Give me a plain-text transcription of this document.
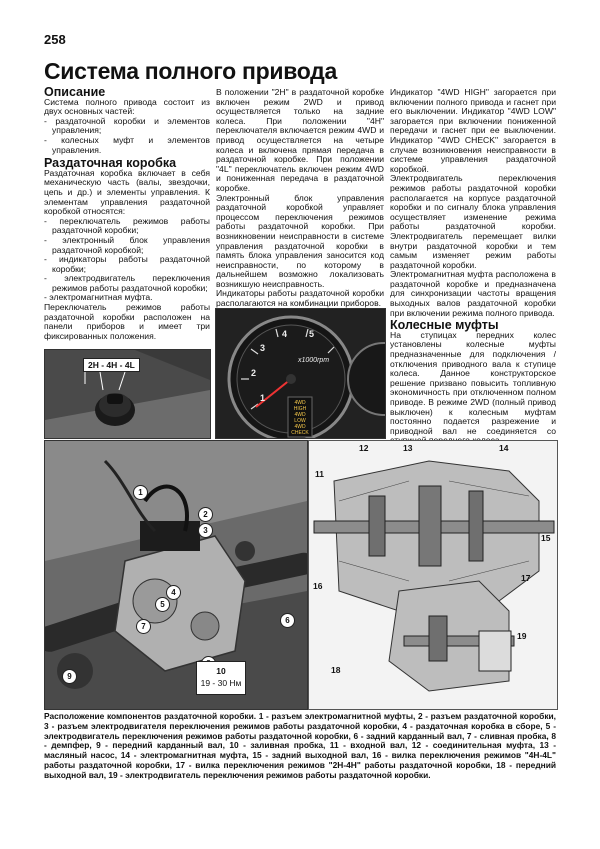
258
Система полного привода
Описание

Система полного привода состоит из двух основных частей:

- раздаточной коробки и элементов управления;
- колесных муфт и элементов управления.
Раздаточная коробка

Раздаточная коробка включает в себя механическую часть (валы, звездочки, цепь и др.) и элементы управления. К элементам управления раздаточной коробкой относятся:

- переключатель режимов работы раздаточной коробки;
- электронный блок управления раздаточной коробкой;
- индикаторы работы раздаточной коробки;
- электродвигатель переключения режимов работы раздаточной коробки;
- электромагнитная муфта.

Переключатель режимов работы раздаточной коробки расположен на панели приборов и имеет три фиксированных положения.

В положении "2H" в раздаточной коробке включен режим 2WD и привод осуществляется только на задние колеса. При положении "4H" переключателя включается режим 4WD и привод осуществляется на четыре колеса и включена прямая передача в раздаточной коробке. При положении "4L" переключатель включен режим 4WD и пониженная передача в раздаточной коробке.

Электронный блок управления раздаточной коробкой управляет процессом переключения режимов работы раздаточной коробки. При возникновении неисправности в системе управления раздаточной коробки в память блока управления заносится код неисправности, по которому в дальнейшем возможно локализовать возникшую неисправность.

Индикаторы работы раздаточной коробки располагаются на комбинации приборов.

Индикатор "4WD HIGH" загорается при включении полного привода и гаснет при его выключении. Индикатор "4WD LOW" загорается при включении пониженной передачи и гаснет при ее выключении. Индикатор "4WD CHECK" загорается в случае возникновения неисправности в системе управления раздаточной коробкой.

Электродвигатель переключения режимов работы раздаточной коробки располагается на корпусе раздаточной коробки и по сигналу блока управления осуществляет изменение режима работы раздаточной коробки. Электродвигатель перемещает вилки внутри раздаточной коробки и тем самым изменяет режим работы раздаточной коробки.

Электромагнитная муфта расположена в раздаточной коробке и предназначена для синхронизации частоты вращения выходных валов раздаточной коробки при включении режима полного привода.

Колесные муфты

На ступицах передних колес установлены колесные муфты предназначенные для подключения / отключения приводного вала к ступице колеса. Данное конструкторское решение призвано повысить топливную экономичность при отключенном полном приводе. В режиме 2WD (полный привод выключен) к колесным муфтам постоянно подается разрежение и приводной вал не соединяется со

2H - 4H - 4L	x1000rpm
1
2
3
4 5
4WD HIGH
4WD LOW
4WD CHECK
1
2
3
4
5
6
7
9
10
19 - 30 Нм
11
12	13	14
15
16
17
18
19
Расположение компонентов раздаточной коробки. 1 - разъем электромагнитной муфты, 2 - разъем раздаточной коробки, 3 - разъем электродвигателя переключения режимов работы раздаточной коробки, 4 - раздаточная коробка в сборе, 5 - электродвигатель переключения режимов работы раздаточной коробки, 6 - задний карданный вал, 7 - сливная пробка, 8 - демпфер, 9 - передний карданный вал, 10 - заливная пробка, 11 - входной вал, 12 - соединительная муфта, 13 - масляный насос, 14 - электромагнитная муфта, 15 - задний выходной вал, 16 - вилка переключения режимов "4H-4L" работы раздаточной коробки, 17 - вилка переключения режимов "2H-4H" работы раздаточной коробки, 18 - передний выходной вал, 19 - электродвигатель переключения режимов работы раздаточной коробки.
